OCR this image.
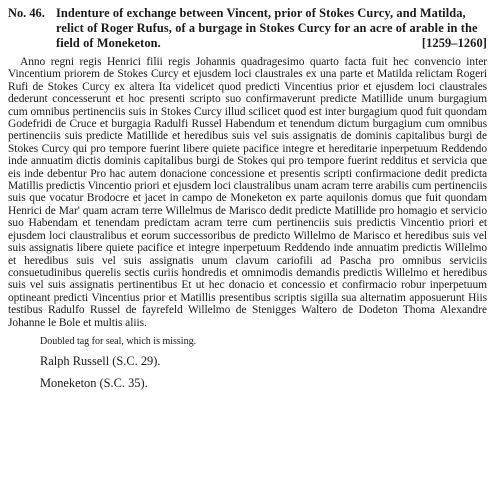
No. 46. Indenture of exchange between Vincent, prior of Stokes Curcy, and Matilda, relict of Roger Rufus, of a burgage in Stokes Curcy for an acre of arable in the field of Moneketon.	[1259–1260]

Anno regni regis Henrici filii regis Johannis quadragesimo quarto facta fuit hec convencio inter Vincentium priorem de Stokes Curcy et ejusdem loci claustrales ex una parte et Matilda relictam Rogeri Rufi de Stokes Curcy ex altera Ita videlicet quod predicti Vincentius prior et ejusdem loci claustrales dederunt concesserunt et hoc presenti scripto suo confirmaverunt predicte Matillide unum burgagium cum omnibus pertinenciis suis in Stokes Curcy illud scilicet quod est inter burgagium quod fuit quondam Godefridi de Cruce et burgagia Radulfi Russel Habendum et tenendum dictum burgagium cum omnibus pertinenciis suis predicte Matillide et heredibus suis vel suis assignatis de dominis capitalibus burgi de Stokes Curcy qui pro tempore fuerint libere quiete pacifice integre et hereditarie inperpetuum Reddendo inde annuatim dictis dominis capitalibus burgi de Stokes qui pro tempore fuerint redditus et servicia que eis inde debentur Pro hac autem donacione concessione et presentis scripti confirmacione dedit predicta Matillis predictis Vincentio priori et ejusdem loci claustralibus unam acram terre arabilis cum pertinenciis suis que vocatur Brodocre et jacet in campo de Moneketon ex parte aquilonis domus que fuit quondam Henrici de Mar' quam acram terre Willelmus de Marisco dedit predicte Matillide pro homagio et servicio suo Habendam et tenendam predictam acram terre cum pertinenciis suis predictis Vincentio priori et ejusdem loci claustralibus et eorum successoribus de predicto Willelmo de Marisco et heredibus suis vel suis assignatis libere quiete pacifice et integre inperpetuum Reddendo inde annuatim predictis Willelmo et heredibus suis vel suis assignatis unum clavum cariofili ad Pascha pro omnibus serviciis consuetudinibus querelis sectis curiis hondredis et omnimodis demandis predictis Willelmo et heredibus suis vel suis assignatis pertinentibus Et ut hec donacio et concessio et confirmacio robur inperpetuum optineant predicti Vincentius prior et Matillis presentibus scriptis sigilla sua alternatim apposuerunt Hiis testibus Radulfo Russel de fayrefeld Willelmo de Stenigges Waltero de Dodeton Thoma Alexandre Johanne le Bole et multis aliis.

Doubled tag for seal, which is missing.
Ralph Russell (S.C. 29).
Moneketon (S.C. 35).
